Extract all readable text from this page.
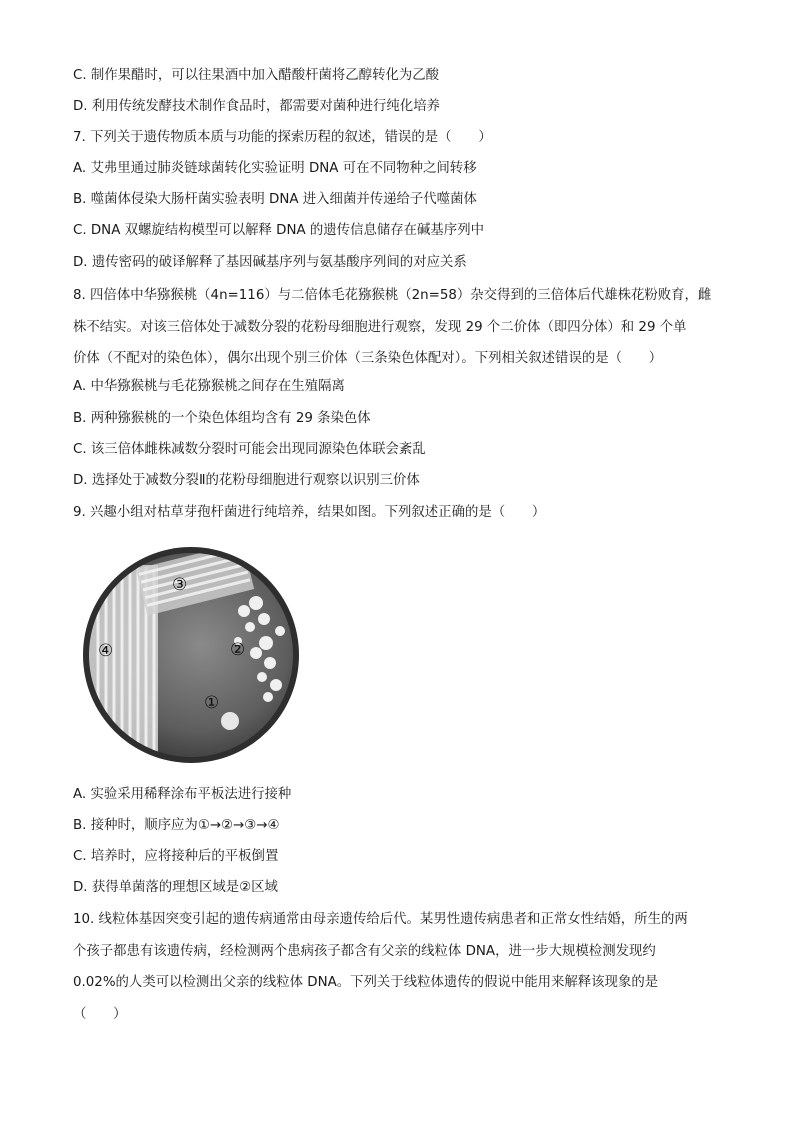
C. 制作果醋时，可以往果酒中加入醋酸杆菌将乙醇转化为乙酸
D. 利用传统发酵技术制作食品时，都需要对菌种进行纯化培养
7. 下列关于遗传物质本质与功能的探索历程的叙述，错误的是（　　）
A. 艾弗里通过肺炎链球菌转化实验证明 DNA 可在不同物种之间转移
B. 噬菌体侵染大肠杆菌实验表明 DNA 进入细菌并传递给子代噬菌体
C. DNA 双螺旋结构模型可以解释 DNA 的遗传信息储存在碱基序列中
D. 遗传密码的破译解释了基因碱基序列与氨基酸序列间的对应关系
8. 四倍体中华猕猴桃（4n=116）与二倍体毛花猕猴桃（2n=58）杂交得到的三倍体后代雄株花粉败育，雌
株不结实。对该三倍体处于减数分裂的花粉母细胞进行观察，发现 29 个二价体（即四分体）和 29 个单
价体（不配对的染色体），偶尔出现个别三价体（三条染色体配对）。下列相关叙述错误的是（　　）
A. 中华猕猴桃与毛花猕猴桃之间存在生殖隔离
B. 两种猕猴桃的一个染色体组均含有 29 条染色体
C. 该三倍体雌株减数分裂时可能会出现同源染色体联会紊乱
D. 选择处于减数分裂Ⅱ的花粉母细胞进行观察以识别三价体
9. 兴趣小组对枯草芽孢杆菌进行纯培养，结果如图。下列叙述正确的是（　　）
③
④	②
①
A. 实验采用稀释涂布平板法进行接种
B. 接种时，顺序应为①→②→③→④
C. 培养时，应将接种后的平板倒置
D. 获得单菌落的理想区域是②区域
10. 线粒体基因突变引起的遗传病通常由母亲遗传给后代。某男性遗传病患者和正常女性结婚，所生的两
个孩子都患有该遗传病，经检测两个患病孩子都含有父亲的线粒体 DNA，进一步大规模检测发现约
0.02%的人类可以检测出父亲的线粒体 DNA。下列关于线粒体遗传的假说中能用来解释该现象的是
（　　）
